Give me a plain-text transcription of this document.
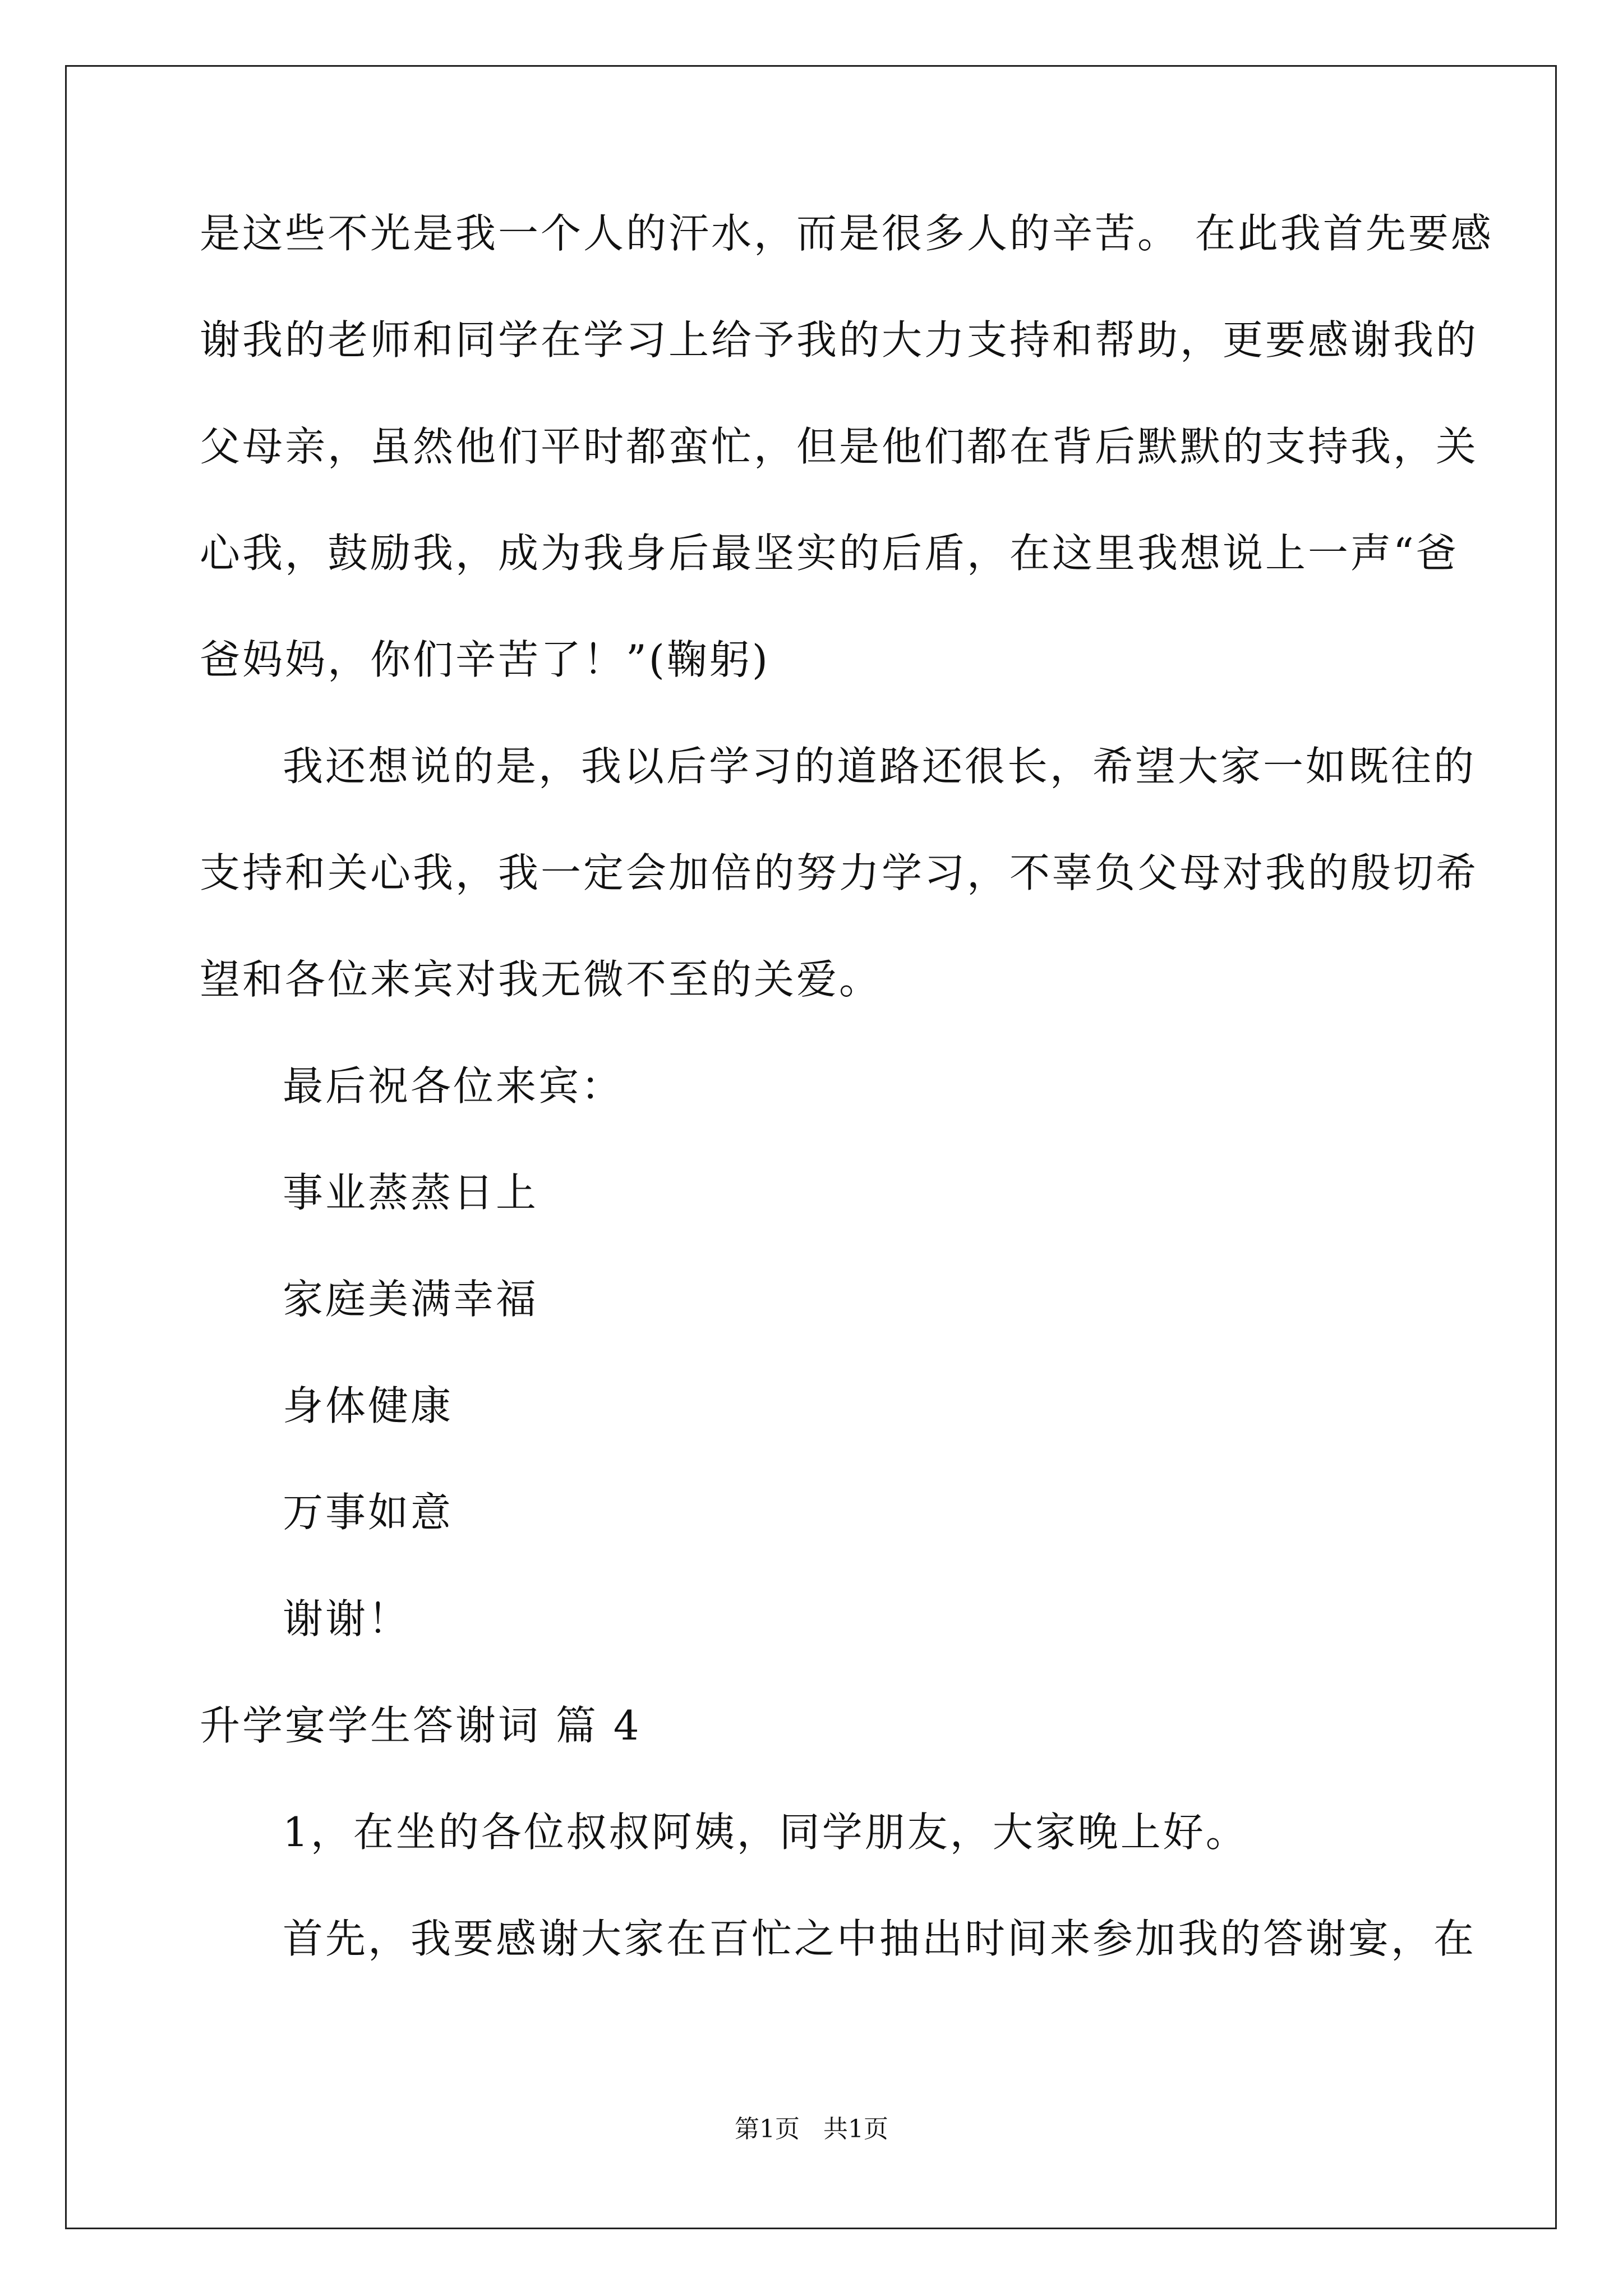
是这些不光是我一个人的汗水，而是很多人的辛苦。 在此我首先要感
谢我的老师和同学在学习上给予我的大力支持和帮助，更要感谢我的
父母亲，虽然他们平时都蛮忙，但是他们都在背后默默的支持我，关
心我，鼓励我，成为我身后最坚实的后盾，在这里我想说上一声“爸
爸妈妈，你们辛苦了！”(鞠躬)
我还想说的是，我以后学习的道路还很长，希望大家一如既往的
支持和关心我，我一定会加倍的努力学习，不辜负父母对我的殷切希
望和各位来宾对我无微不至的关爱。
最后祝各位来宾：
事业蒸蒸日上
家庭美满幸福
身体健康
万事如意
谢谢！
升学宴学生答谢词 篇 4
1，在坐的各位叔叔阿姨，同学朋友，大家晚上好。
首先，我要感谢大家在百忙之中抽出时间来参加我的答谢宴，在
第1页   共1页
